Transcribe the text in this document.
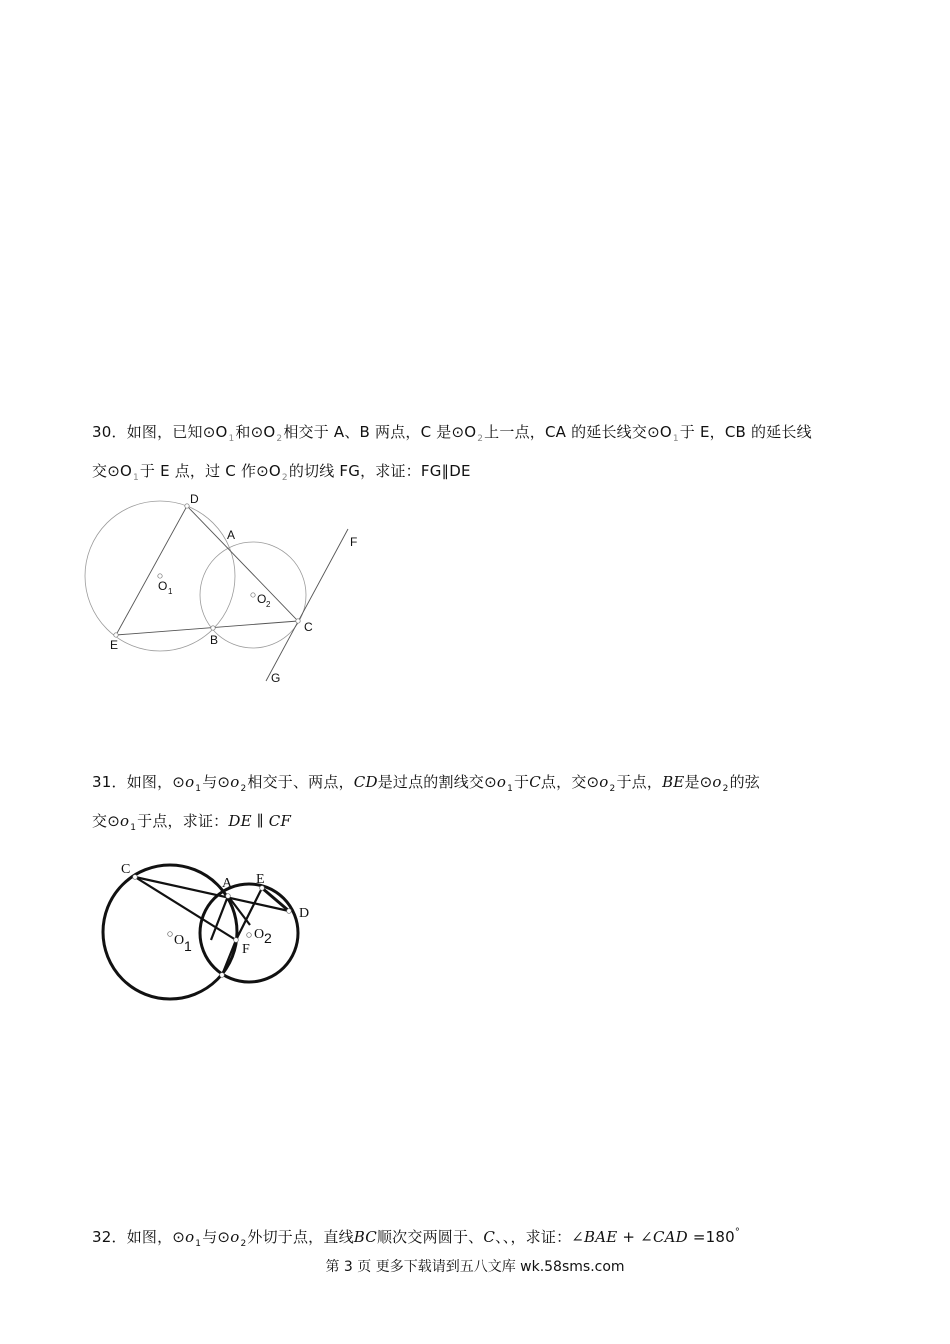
30．如图，已知$⊙O_1$和$⊙O_2$相交于 A、B 两点，C 是$⊙O_2$上一点，CA 的延长线交$⊙O_1$于 E，CB 的延长线
交$⊙O_1$于 E 点，过 C 作$⊙O_2$的切线 FG，求证：FG∥DE
D
A	F
O 1
O 2
C
E	B
G
31．如图，$⊙o_1$与$⊙o_2$相交于、两点，CD是过点的割线交$⊙o_1$于C点，交$⊙o_2$于点，BE是$⊙o_2$的弦
交$⊙o_1$于点，求证：DE ∥ CF
C
A E
D
O 1
O 2
F
32．如图，$⊙o_1$与$⊙o_2$外切于点，直线BC顺次交两圆于、C、、，求证：∠BAE + ∠CAD =180°
第 3 页 更多下载请到五八文库 wk.58sms.com
